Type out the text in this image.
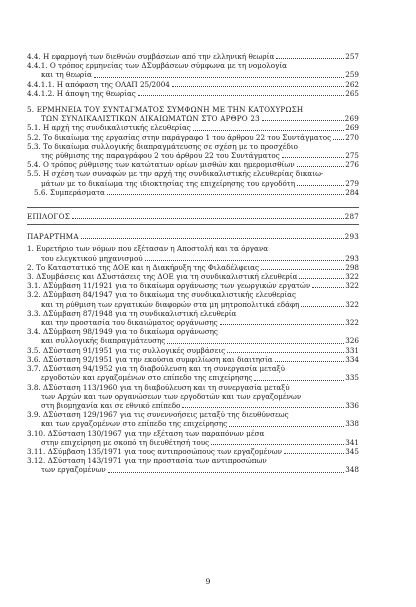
4.4. Η εφαρμογή των διεθνών συμβάσεων από την ελληνική θεωρία	257
4.4.1. Ο τρόπος ερμηνείας των ΔΣυμβάσεων σύμφωνα με τη νομολογία
και τη θεωρία	259
4.4.1.1. Η απόφαση της ΟΛΑΠ 25/2004	262
4.4.1.2. Η άποψη της θεωρίας	265
5. ΕΡΜΗΝΕΙΑ ΤΟΥ ΣΥΝΤΑΓΜΑΤΟΣ ΣΥΜΦΩΝΗ ΜΕ ΤΗΝ ΚΑΤΟΧΥΡΩΣΗ
ΤΩΝ ΣΥΝΔΙΚΑΛΙΣΤΙΚΩΝ ΔΙΚΑΙΩΜΑΤΩΝ ΣΤΟ ΑΡΘΡΟ 23	269
5.1. Η αρχή της συνδικαλιστικής ελευθερίας	269
5.2. Το δικαίωμα της εργασίας στην παράγραφο 1 του άρθρου 22 του Συντάγματος 270
5.3. Το δικαίωμα συλλογικής διαπραγμάτευσης σε σχέση με το προσχέδιο
της ρύθμισης της παραγράφου 2 του άρθρου 22 του Συντάγματος	275
5.4. Ο τρόπος ρύθμισης των κατώτατων ορίων μισθών και ημερομισθίων	276
5.5. Η σχέση των συναφών με την αρχή της συνδικαλιστικής ελευθερίας δικαιω-
μάτων με το δικαίωμα της ιδιοκτησίας της επιχείρησης του εργοδότη	279
5.6. Συμπεράσματα	284
ΕΠΙΛΟΓΟΣ	287
ΠΑΡΑΡΤΗΜΑ	293
1. Ευρετήριο των νόμων που εξέτασαν η Αποστολή και τα όργανα
του ελεγκτικού μηχανισμού	293
2. Το Καταστατικό της ΔΟΕ και η Διακήρυξη της Φιλαδέλφειας	298
3. ΔΣυμβάσεις και ΔΣυστάσεις της ΔΟΕ για τη συνδικαλιστική ελευθερία	322
3.1. ΔΣύμβαση 11/1921 για το δικαίωμα οργάνωσης των γεωργικών εργατών	322
3.2. ΔΣύμβαση 84/1947 για το δικαίωμα της συνδικαλιστικής ελευθερίας
και τη ρύθμιση των εργατικών διαφορών στα μη μητροπολιτικά εδάφη	322
3.3. ΔΣύμβαση 87/1948 για τη συνδικαλιστική ελευθερία
και την προστασία του δικαιώματος οργάνωσης	322
3.4. ΔΣύμβαση 98/1949 για το δικαίωμα οργάνωσης
και συλλογικής διαπραγμάτευσης	326
3.5. ΔΣύσταση 91/1951 για τις συλλογικές συμβάσεις	331
3.6. ΔΣύσταση 92/1951 για την εκούσια συμφιλίωση και διαιτησία	334
3.7. ΔΣύσταση 94/1952 για τη διαβούλευση και τη συνεργασία μεταξύ
εργοδοτών και εργαζομένων στο επίπεδο της επιχείρησης	335
3.8. ΔΣύσταση 113/1960 για τη διαβούλευση και τη συνεργασία μεταξύ
των Αρχών και των οργανώσεων των εργοδοτών και των εργαζομένων
στη βιομηχανία και σε εθνικό επίπεδο	336
3.9. ΔΣύσταση 129/1967 για τις συνεννοήσεις μεταξύ της διευθύνσεως
και των εργαζομένων στο επίπεδο της επιχείρησης	338
3.10. ΔΣύσταση 130/1967 για την εξέταση των παραπόνων μέσα
στην επιχείρηση με σκοπό τη διευθέτησή τους	341
3.11. ΔΣύμβαση 135/1971 για τους αντιπροσώπους των εργαζομένων	345
3.12. ΔΣύσταση 143/1971 για την προστασία των αντιπροσώπων
των εργαζομένων	348
9
